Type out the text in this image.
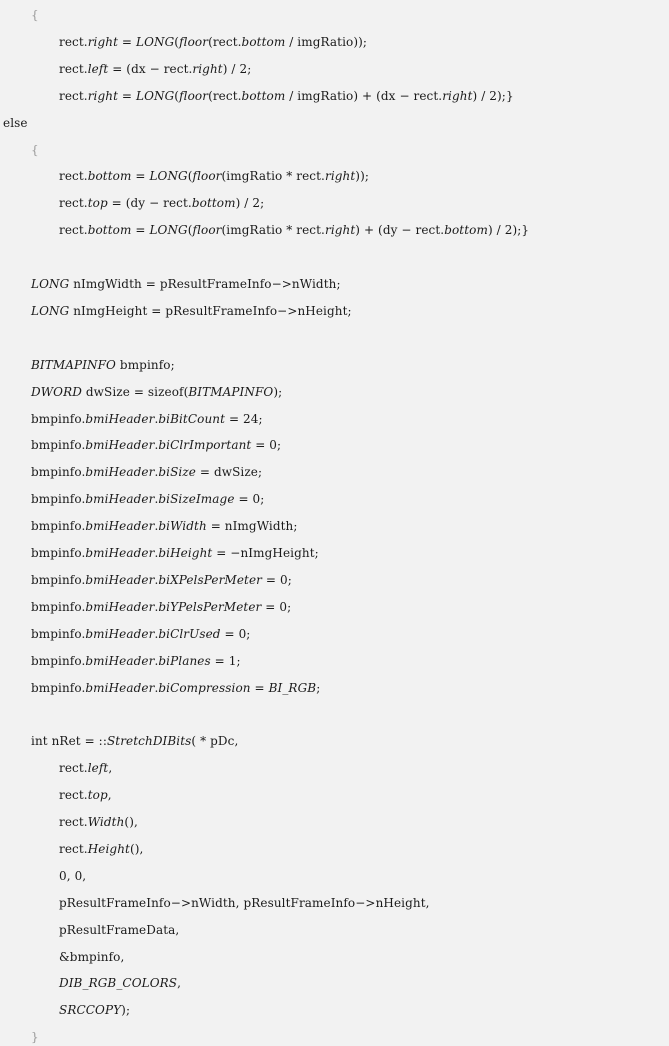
{
rect.right = LONG(floor(rect.bottom / imgRatio));
rect.left = (dx − rect.right) / 2;
rect.right = LONG(floor(rect.bottom / imgRatio) + (dx − rect.right) / 2);}
else
{
rect.bottom = LONG(floor(imgRatio * rect.right));
rect.top = (dy − rect.bottom) / 2;
rect.bottom = LONG(floor(imgRatio * rect.right) + (dy − rect.bottom) / 2);}
LONG nImgWidth = pResultFrameInfo−>nWidth;
LONG nImgHeight = pResultFrameInfo−>nHeight;
BITMAPINFO bmpinfo;
DWORD dwSize = sizeof(BITMAPINFO);
bmpinfo.bmiHeader.biBitCount = 24;
bmpinfo.bmiHeader.biClrImportant = 0;
bmpinfo.bmiHeader.biSize = dwSize;
bmpinfo.bmiHeader.biSizeImage = 0;
bmpinfo.bmiHeader.biWidth = nImgWidth;
bmpinfo.bmiHeader.biHeight = −nImgHeight;
bmpinfo.bmiHeader.biXPelsPerMeter = 0;
bmpinfo.bmiHeader.biYPelsPerMeter = 0;
bmpinfo.bmiHeader.biClrUsed = 0;
bmpinfo.bmiHeader.biPlanes = 1;
bmpinfo.bmiHeader.biCompression = BI_RGB;
int nRet = ::StretchDIBits( * pDc,
rect.left,
rect.top,
rect.Width(),
rect.Height(),
0, 0,
pResultFrameInfo−>nWidth, pResultFrameInfo−>nHeight,
pResultFrameData,
&bmpinfo,
DIB_RGB_COLORS,
SRCCOPY);
}
